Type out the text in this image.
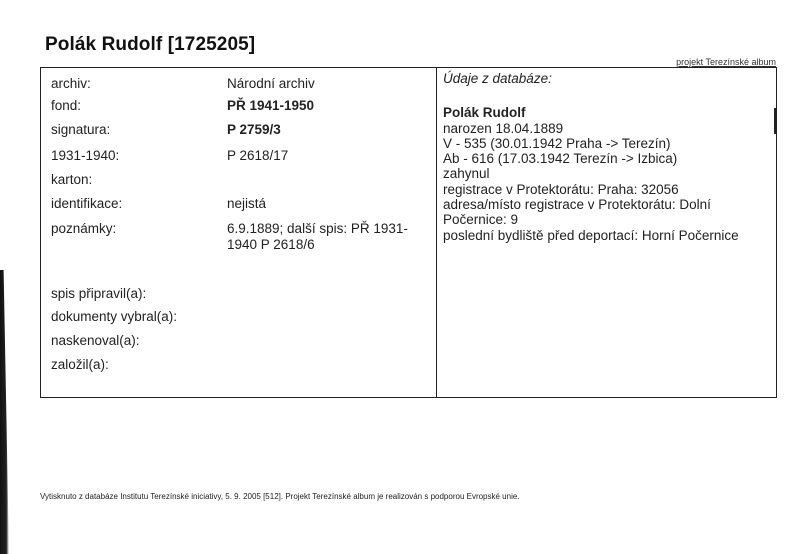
Polák Rudolf [1725205]
projekt Terezínské album
archiv:	Národní archiv
fond:	PŘ 1941-1950
signatura:	P 2759/3
1931-1940:	P 2618/17
karton:
identifikace:	nejistá
poznámky:	6.9.1889; další spis: PŘ 1931-1940 P 2618/6
spis připravil(a):
dokumenty vybral(a):
naskenoval(a):
založil(a):
Údaje z databáze:
Polák Rudolf
narozen 18.04.1889
V - 535 (30.01.1942 Praha -> Terezín)
Ab - 616 (17.03.1942 Terezín -> Izbica)
zahynul
registrace v Protektorátu: Praha: 32056
adresa/místo registrace v Protektorátu: Dolní Počernice: 9
poslední bydliště před deportací: Horní Počernice
Vytisknuto z databáze Institutu Terezínské iniciativy, 5. 9. 2005 [512]. Projekt Terezínské album je realizován s podporou Evropské unie.
